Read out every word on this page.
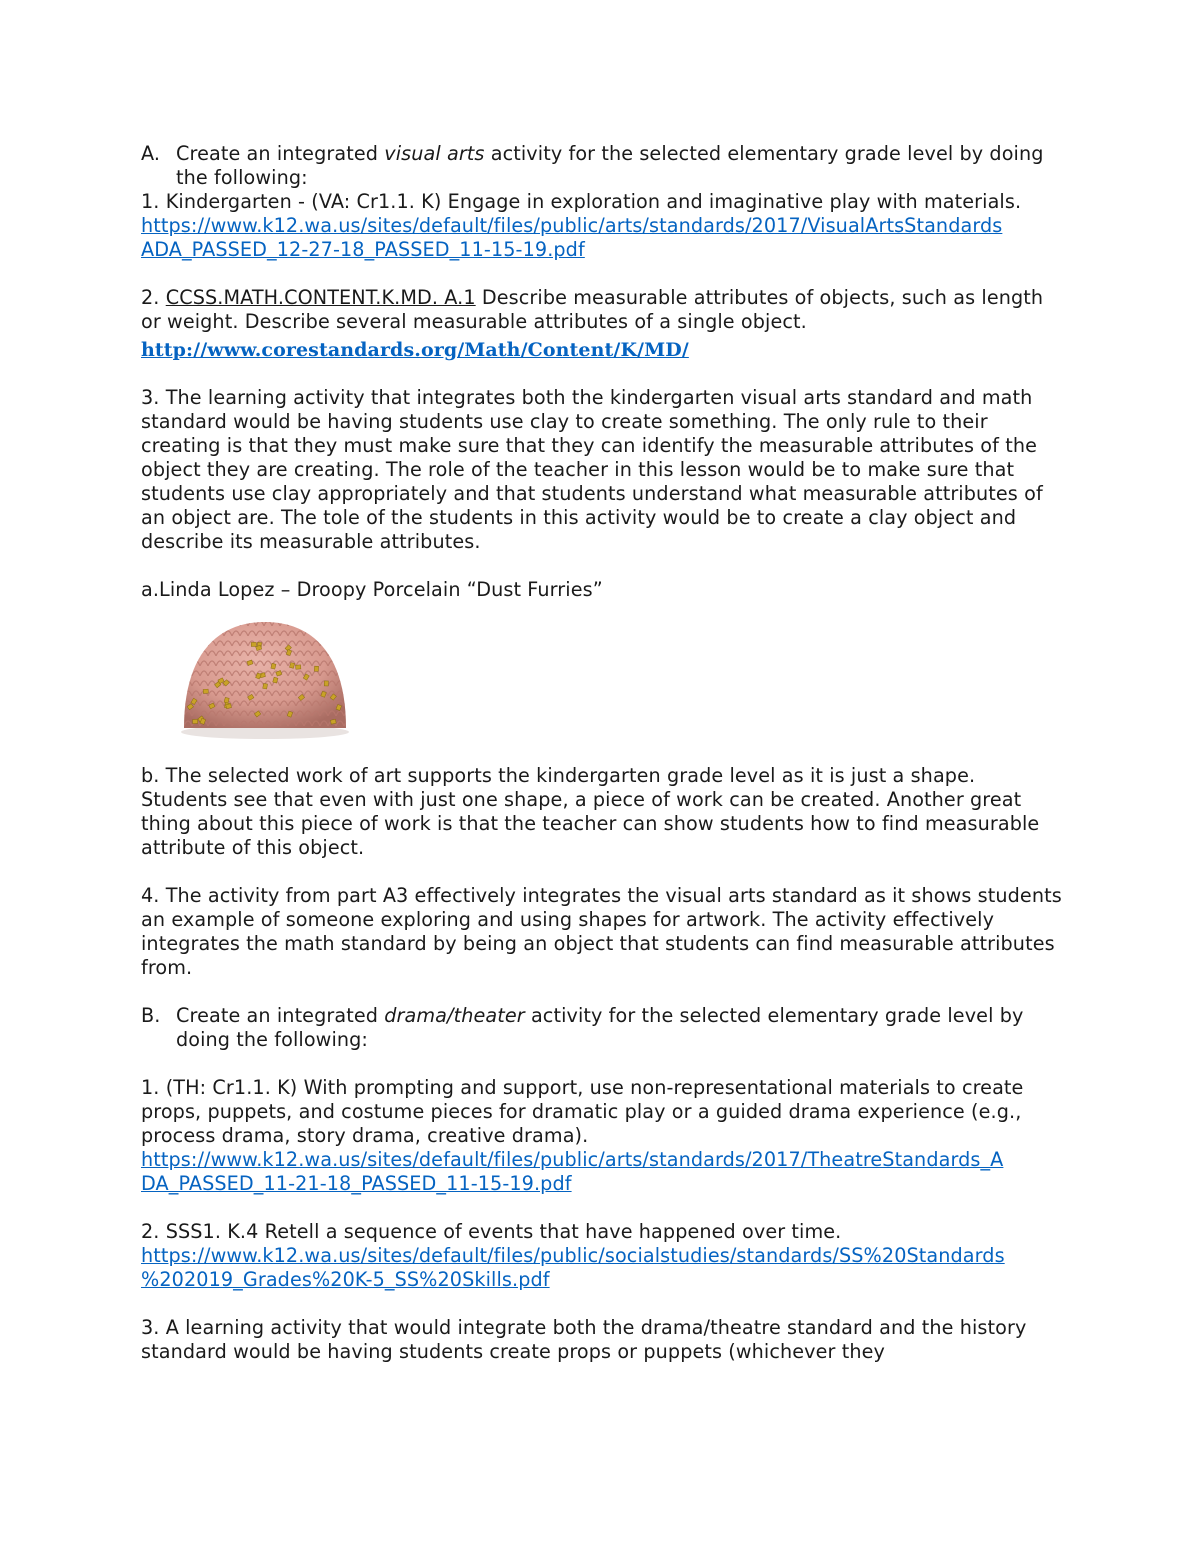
A. Create an integrated visual arts activity for the selected elementary grade level by doing the following:

1. Kindergarten - (VA: Cr1.1. K) Engage in exploration and imaginative play with materials.

https://www.k12.wa.us/sites/default/files/public/arts/standards/2017/VisualArtsStandards ADA_PASSED_12-27-18_PASSED_11-15-19.pdf

2. CCSS.MATH.CONTENT.K.MD. A.1 Describe measurable attributes of objects, such as length or weight. Describe several measurable attributes of a single object.

http://www.corestandards.org/Math/Content/K/MD/

3. The learning activity that integrates both the kindergarten visual arts standard and math standard would be having students use clay to create something. The only rule to their creating is that they must make sure that they can identify the measurable attributes of the object they are creating. The role of the teacher in this lesson would be to make sure that students use clay appropriately and that students understand what measurable attributes of an object are. The tole of the students in this activity would be to create a clay object and describe its measurable attributes.

a.Linda Lopez – Droopy Porcelain “Dust Furries”

b. The selected work of art supports the kindergarten grade level as it is just a shape. Students see that even with just one shape, a piece of work can be created. Another great thing about this piece of work is that the teacher can show students how to find measurable attribute of this object.

4. The activity from part A3 effectively integrates the visual arts standard as it shows students an example of someone exploring and using shapes for artwork. The activity effectively integrates the math standard by being an object that students can find measurable attributes from.

B. Create an integrated drama/theater activity for the selected elementary grade level by doing the following:

1. (TH: Cr1.1. K) With prompting and support, use non-representational materials to create props, puppets, and costume pieces for dramatic play or a guided drama experience (e.g., process drama, story drama, creative drama).

https://www.k12.wa.us/sites/default/files/public/arts/standards/2017/TheatreStandards_A DA_PASSED_11-21-18_PASSED_11-15-19.pdf

2. SSS1. K.4 Retell a sequence of events that have happened over time.

https://www.k12.wa.us/sites/default/files/public/socialstudies/standards/SS%20Standards %202019_Grades%20K-5_SS%20Skills.pdf

3. A learning activity that would integrate both the drama/theatre standard and the history standard would be having students create props or puppets (whichever they
